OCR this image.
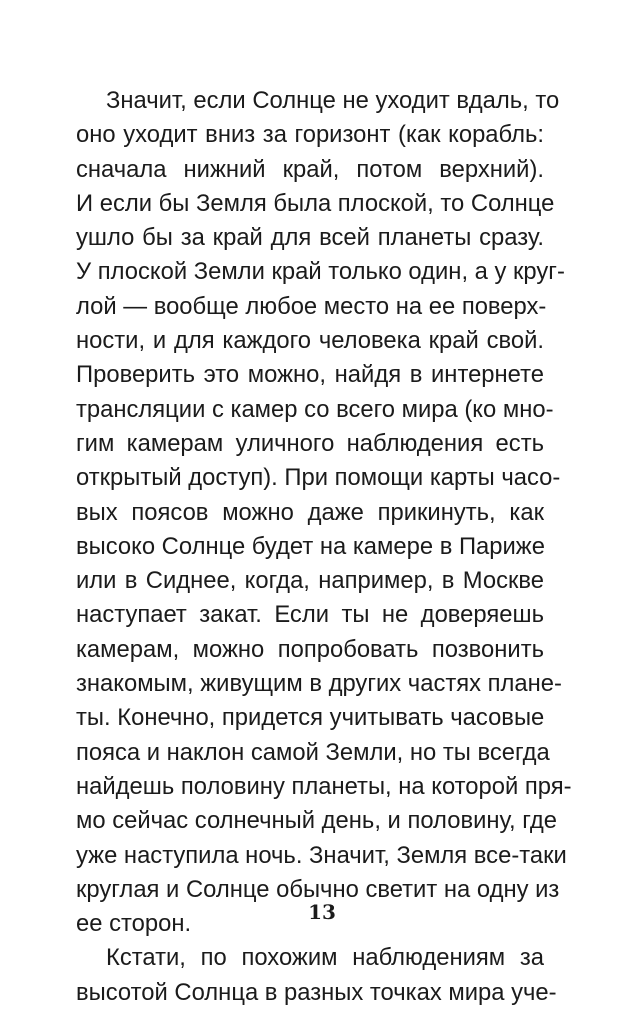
Значит, если Солнце не уходит вдаль, то
оно уходит вниз за горизонт (как корабль:
сначала нижний край, потом верхний).
И если бы Земля была плоской, то Солнце
ушло бы за край для всей планеты сразу.
У плоской Земли край только один, а у круг-
лой — вообще любое место на ее поверх-
ности, и для каждого человека край свой.
Проверить это можно, найдя в интернете
трансляции с камер со всего мира (ко мно-
гим камерам уличного наблюдения есть
открытый доступ). При помощи карты часо-
вых поясов можно даже прикинуть, как
высоко Солнце будет на камере в Париже
или в Сиднее, когда, например, в Москве
наступает закат. Если ты не доверяешь
камерам, можно попробовать позвонить
знакомым, живущим в других частях плане-
ты. Конечно, придется учитывать часовые
пояса и наклон самой Земли, но ты всегда
найдешь половину планеты, на которой пря-
мо сейчас солнечный день, и половину, где
уже наступила ночь. Значит, Земля все-таки
круглая и Солнце обычно светит на одну из
ее сторон.
Кстати, по похожим наблюдениям за
высотой Солнца в разных точках мира уче-
13
